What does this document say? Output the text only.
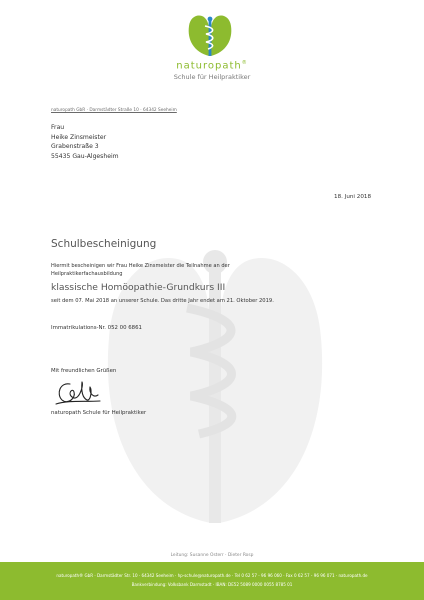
naturopath®
Schule für Heilpraktiker
naturopath GbR · Darmstädter Straße 10 · 64342 Seeheim
Frau
Heike Zinsmeister
Grabenstraße 3
55435 Gau-Algesheim
18. Juni 2018
Schulbescheinigung
Hiermit bescheinigen wir Frau Heike Zinsmeister die Teilnahme an der
Heilpraktikerfachausbildung
klassische Homöopathie-Grundkurs III
seit dem 07. Mai 2018 an unserer Schule. Das dritte Jahr endet am 21. Oktober 2019.
Immatrikulations-Nr. 052 00 6861
Mit freundlichen Grüßen
naturopath Schule für Heilpraktiker
Leitung: Susanne Osterr · Dieter Rosp
naturopath® GbR · Darmstädter Str. 10 · 64342 Seeheim · hp-schule@naturopath.de · Tel 0 62 57 - 96 96 060 · Fax 0 62 57 - 96 96 071 · naturopath.de
Bankverbindung: Volksbank Darmstadt · IBAN: DE52 5089 0000 0055 8785 01
